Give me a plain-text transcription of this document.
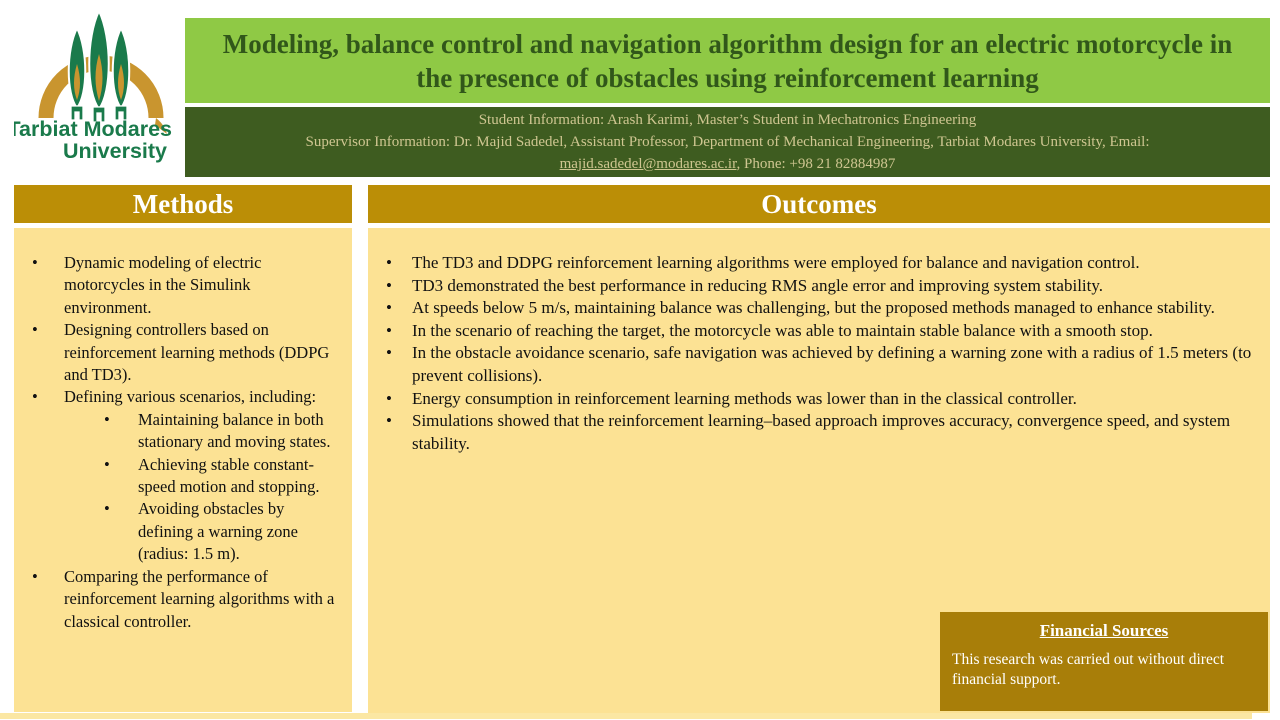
Tarbiat Modares
University
Modeling, balance control and navigation algorithm design for an electric motorcycle in the presence of obstacles using reinforcement learning
Student Information: Arash Karimi, Master’s Student in Mechatronics Engineering
Supervisor Information: Dr. Majid Sadedel, Assistant Professor, Department of Mechanical Engineering, Tarbiat Modares University, Email:
majid.sadedel@modares.ac.ir, Phone: +98 21 82884987
Methods
• Dynamic modeling of electric motorcycles in the Simulink environment.
• Designing controllers based on reinforcement learning methods (DDPG and TD3).
• Defining various scenarios, including:
• Maintaining balance in both stationary and moving states.
• Achieving stable constant-speed motion and stopping.
• Avoiding obstacles by defining a warning zone (radius: 1.5 m).
• Comparing the performance of reinforcement learning algorithms with a classical controller.
Outcomes
• The TD3 and DDPG reinforcement learning algorithms were employed for balance and navigation control.
• TD3 demonstrated the best performance in reducing RMS angle error and improving system stability.
• At speeds below 5 m/s, maintaining balance was challenging, but the proposed methods managed to enhance stability.
• In the scenario of reaching the target, the motorcycle was able to maintain stable balance with a smooth stop.
• In the obstacle avoidance scenario, safe navigation was achieved by defining a warning zone with a radius of 1.5 meters (to prevent collisions).
• Energy consumption in reinforcement learning methods was lower than in the classical controller.
• Simulations showed that the reinforcement learning–based approach improves accuracy, convergence speed, and system stability.
Financial Sources
This research was carried out without direct financial support.
